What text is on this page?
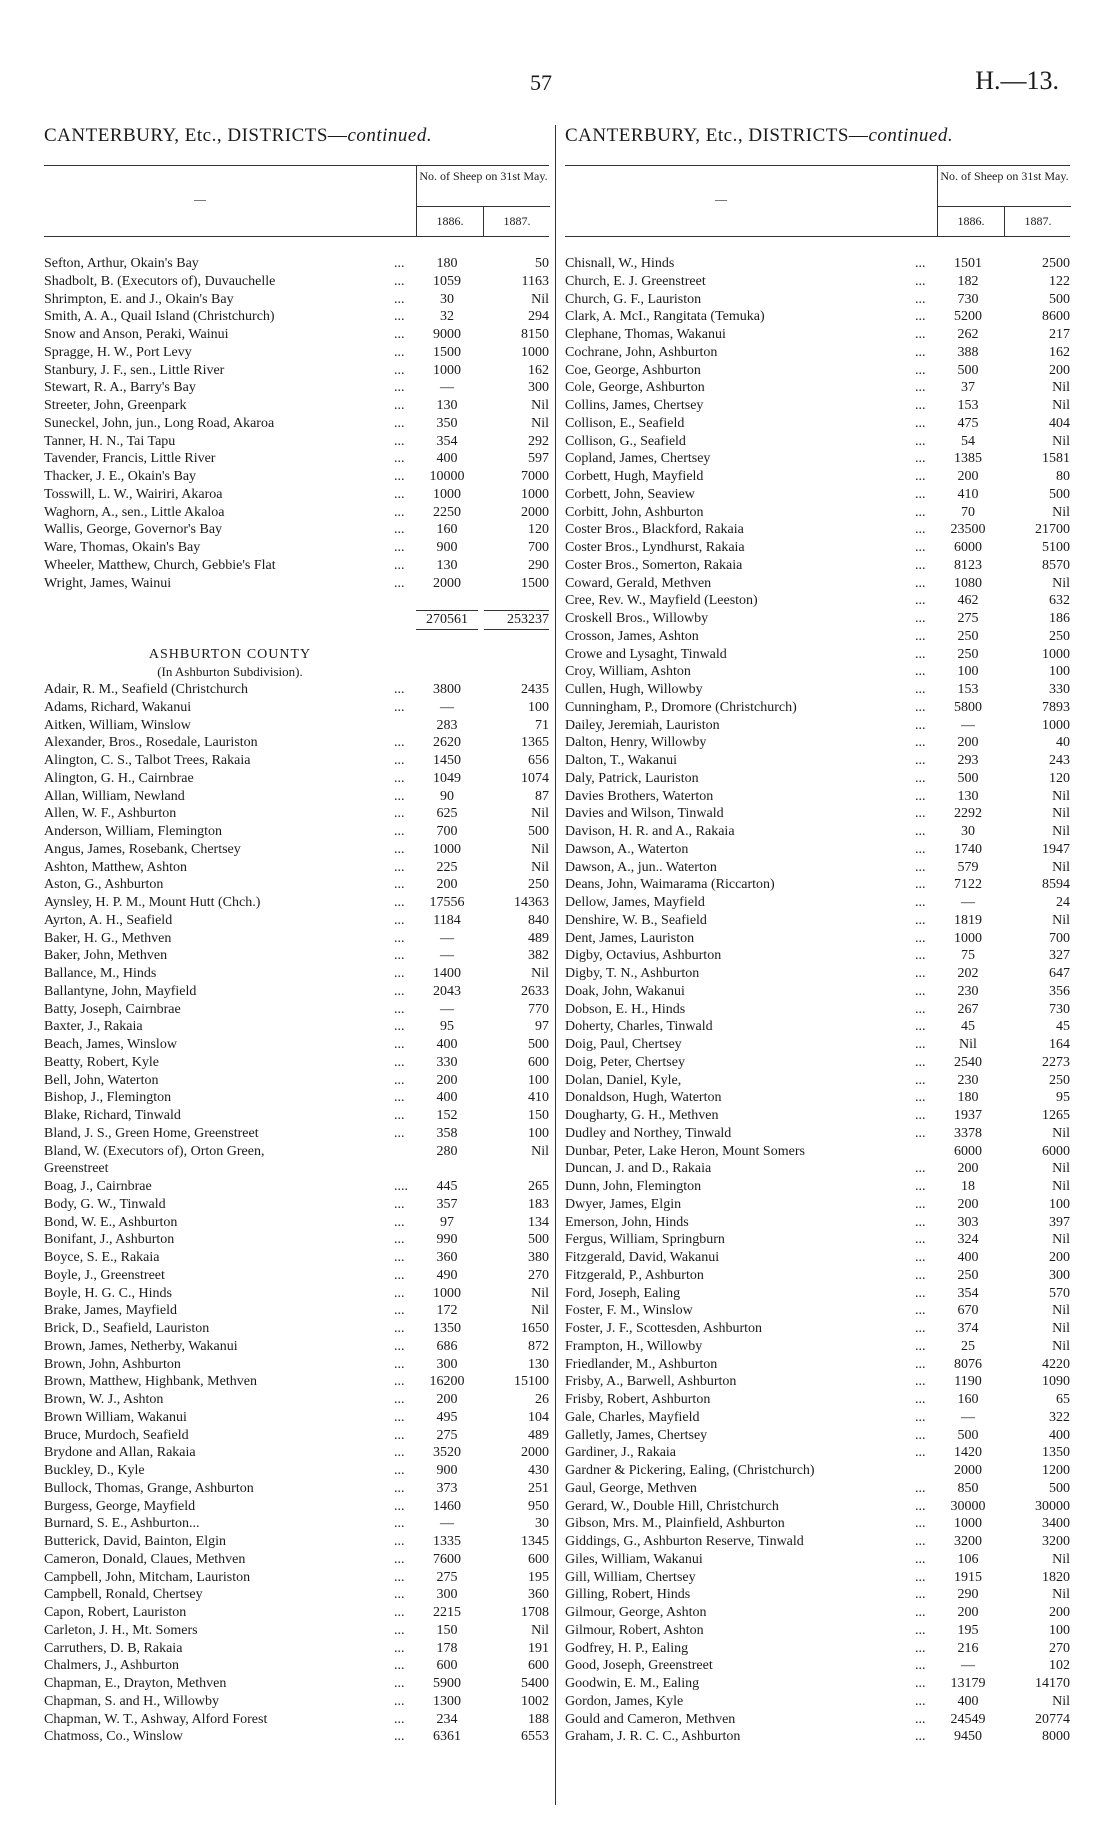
57	H.—13.
CANTERBURY, Etc., DISTRICTS—continued.
—
No. of Sheep on 31st May.
1886.	1887.
Sefton, Arthur, Okain's Bay	...	180	50
Shadbolt, B. (Executors of), Duvauchelle	...	1059	1163
Shrimpton, E. and J., Okain's Bay	...	30	Nil
Smith, A. A., Quail Island (Christchurch)	...	32	294
Snow and Anson, Peraki, Wainui	...	9000	8150
Spragge, H. W., Port Levy	...	1500	1000
Stanbury, J. F., sen., Little River	...	1000	162
Stewart, R. A., Barry's Bay	...	—	300
Streeter, John, Greenpark	...	130	Nil
Suneckel, John, jun., Long Road, Akaroa	...	350	Nil
Tanner, H. N., Tai Tapu	...	354	292
Tavender, Francis, Little River	...	400	597
Thacker, J. E., Okain's Bay	...	10000	7000
Tosswill, L. W., Wairiri, Akaroa	...	1000	1000
Waghorn, A., sen., Little Akaloa	...	2250	2000
Wallis, George, Governor's Bay	...	160	120
Ware, Thomas, Okain's Bay	...	900	700
Wheeler, Matthew, Church, Gebbie's Flat	...	130	290
Wright, James, Wainui	...	2000	1500
270561	253237
ASHBURTON COUNTY
(In Ashburton Subdivision).
Adair, R. M., Seafield (Christchurch	...	3800	2435
Adams, Richard, Wakanui	...	—	100
Aitken, William, Winslow	283	71
Alexander, Bros., Rosedale, Lauriston	...	2620	1365
Alington, C. S., Talbot Trees, Rakaia	...	1450	656
Alington, G. H., Cairnbrae	...	1049	1074
Allan, William, Newland	...	90	87
Allen, W. F., Ashburton	...	625	Nil
Anderson, William, Flemington	...	700	500
Angus, James, Rosebank, Chertsey	...	1000	Nil
Ashton, Matthew, Ashton	...	225	Nil
Aston, G., Ashburton	...	200	250
Aynsley, H. P. M., Mount Hutt (Chch.)	...	17556	14363
Ayrton, A. H., Seafield	...	1184	840
Baker, H. G., Methven	...	—	489
Baker, John, Methven	...	—	382
Ballance, M., Hinds	...	1400	Nil
Ballantyne, John, Mayfield	...	2043	2633
Batty, Joseph, Cairnbrae	...	—	770
Baxter, J., Rakaia	...	95	97
Beach, James, Winslow	...	400	500
Beatty, Robert, Kyle	...	330	600
Bell, John, Waterton	...	200	100
Bishop, J., Flemington	...	400	410
Blake, Richard, Tinwald	...	152	150
Bland, J. S., Green Home, Greenstreet	...	358	100
Bland, W. (Executors of), Orton Green,	280	Nil
Greenstreet
Boag, J., Cairnbrae	....	445	265
Body, G. W., Tinwald	...	357	183
Bond, W. E., Ashburton	...	97	134
Bonifant, J., Ashburton	...	990	500
Boyce, S. E., Rakaia	...	360	380
Boyle, J., Greenstreet	...	490	270
Boyle, H. G. C., Hinds	...	1000	Nil
Brake, James, Mayfield	...	172	Nil
Brick, D., Seafield, Lauriston	...	1350	1650
Brown, James, Netherby, Wakanui	...	686	872
Brown, John, Ashburton	...	300	130
Brown, Matthew, Highbank, Methven	...	16200	15100
Brown, W. J., Ashton	...	200	26
Brown William, Wakanui	...	495	104
Bruce, Murdoch, Seafield	...	275	489
Brydone and Allan, Rakaia	...	3520	2000
Buckley, D., Kyle	...	900	430
Bullock, Thomas, Grange, Ashburton	...	373	251
Burgess, George, Mayfield	...	1460	950
Burnard, S. E., Ashburton...	...	—	30
Butterick, David, Bainton, Elgin	...	1335	1345
Cameron, Donald, Claues, Methven	...	7600	600
Campbell, John, Mitcham, Lauriston	...	275	195
Campbell, Ronald, Chertsey	...	300	360
Capon, Robert, Lauriston	...	2215	1708
Carleton, J. H., Mt. Somers	...	150	Nil
Carruthers, D. B, Rakaia	...	178	191
Chalmers, J., Ashburton	...	600	600
Chapman, E., Drayton, Methven	...	5900	5400
Chapman, S. and H., Willowby	...	1300	1002
Chapman, W. T., Ashway, Alford Forest	...	234	188
Chatmoss, Co., Winslow	...	6361	6553
CANTERBURY, Etc., DISTRICTS—continued.
—
No. of Sheep on 31st May.
1886.	1887.
Chisnall, W., Hinds	...	1501	2500
Church, E. J. Greenstreet	...	182	122
Church, G. F., Lauriston	...	730	500
Clark, A. McI., Rangitata (Temuka)	...	5200	8600
Clephane, Thomas, Wakanui	...	262	217
Cochrane, John, Ashburton	...	388	162
Coe, George, Ashburton	...	500	200
Cole, George, Ashburton	...	37	Nil
Collins, James, Chertsey	...	153	Nil
Collison, E., Seafield	...	475	404
Collison, G., Seafield	...	54	Nil
Copland, James, Chertsey	...	1385	1581
Corbett, Hugh, Mayfield	...	200	80
Corbett, John, Seaview	...	410	500
Corbitt, John, Ashburton	...	70	Nil
Coster Bros., Blackford, Rakaia	...	23500	21700
Coster Bros., Lyndhurst, Rakaia	...	6000	5100
Coster Bros., Somerton, Rakaia	...	8123	8570
Coward, Gerald, Methven	...	1080	Nil
Cree, Rev. W., Mayfield (Leeston)	...	462	632
Croskell Bros., Willowby	...	275	186
Crosson, James, Ashton	...	250	250
Crowe and Lysaght, Tinwald	...	250	1000
Croy, William, Ashton	...	100	100
Cullen, Hugh, Willowby	...	153	330
Cunningham, P., Dromore (Christchurch)	...	5800	7893
Dailey, Jeremiah, Lauriston	...	—	1000
Dalton, Henry, Willowby	...	200	40
Dalton, T., Wakanui	...	293	243
Daly, Patrick, Lauriston	...	500	120
Davies Brothers, Waterton	...	130	Nil
Davies and Wilson, Tinwald	...	2292	Nil
Davison, H. R. and A., Rakaia	...	30	Nil
Dawson, A., Waterton	...	1740	1947
Dawson, A., jun.. Waterton	...	579	Nil
Deans, John, Waimarama (Riccarton)	...	7122	8594
Dellow, James, Mayfield	...	—	24
Denshire, W. B., Seafield	...	1819	Nil
Dent, James, Lauriston	...	1000	700
Digby, Octavius, Ashburton	...	75	327
Digby, T. N., Ashburton	...	202	647
Doak, John, Wakanui	...	230	356
Dobson, E. H., Hinds	...	267	730
Doherty, Charles, Tinwald	...	45	45
Doig, Paul, Chertsey	...	Nil	164
Doig, Peter, Chertsey	...	2540	2273
Dolan, Daniel, Kyle,	...	230	250
Donaldson, Hugh, Waterton	...	180	95
Dougharty, G. H., Methven	...	1937	1265
Dudley and Northey, Tinwald	...	3378	Nil
Dunbar, Peter, Lake Heron, Mount Somers	6000	6000
Duncan, J. and D., Rakaia	...	200	Nil
Dunn, John, Flemington	...	18	Nil
Dwyer, James, Elgin	...	200	100
Emerson, John, Hinds	...	303	397
Fergus, William, Springburn	...	324	Nil
Fitzgerald, David, Wakanui	...	400	200
Fitzgerald, P., Ashburton	...	250	300
Ford, Joseph, Ealing	...	354	570
Foster, F. M., Winslow	...	670	Nil
Foster, J. F., Scottesden, Ashburton	...	374	Nil
Frampton, H., Willowby	...	25	Nil
Friedlander, M., Ashburton	...	8076	4220
Frisby, A., Barwell, Ashburton	...	1190	1090
Frisby, Robert, Ashburton	...	160	65
Gale, Charles, Mayfield	...	—	322
Galletly, James, Chertsey	...	500	400
Gardiner, J., Rakaia	...	1420	1350
Gardner & Pickering, Ealing, (Christchurch)	2000	1200
Gaul, George, Methven	...	850	500
Gerard, W., Double Hill, Christchurch	...	30000	30000
Gibson, Mrs. M., Plainfield, Ashburton	...	1000	3400
Giddings, G., Ashburton Reserve, Tinwald	...	3200	3200
Giles, William, Wakanui	...	106	Nil
Gill, William, Chertsey	...	1915	1820
Gilling, Robert, Hinds	...	290	Nil
Gilmour, George, Ashton	...	200	200
Gilmour, Robert, Ashton	...	195	100
Godfrey, H. P., Ealing	...	216	270
Good, Joseph, Greenstreet	...	—	102
Goodwin, E. M., Ealing	...	13179	14170
Gordon, James, Kyle	...	400	Nil
Gould and Cameron, Methven	...	24549	20774
Graham, J. R. C. C., Ashburton	...	9450	8000
